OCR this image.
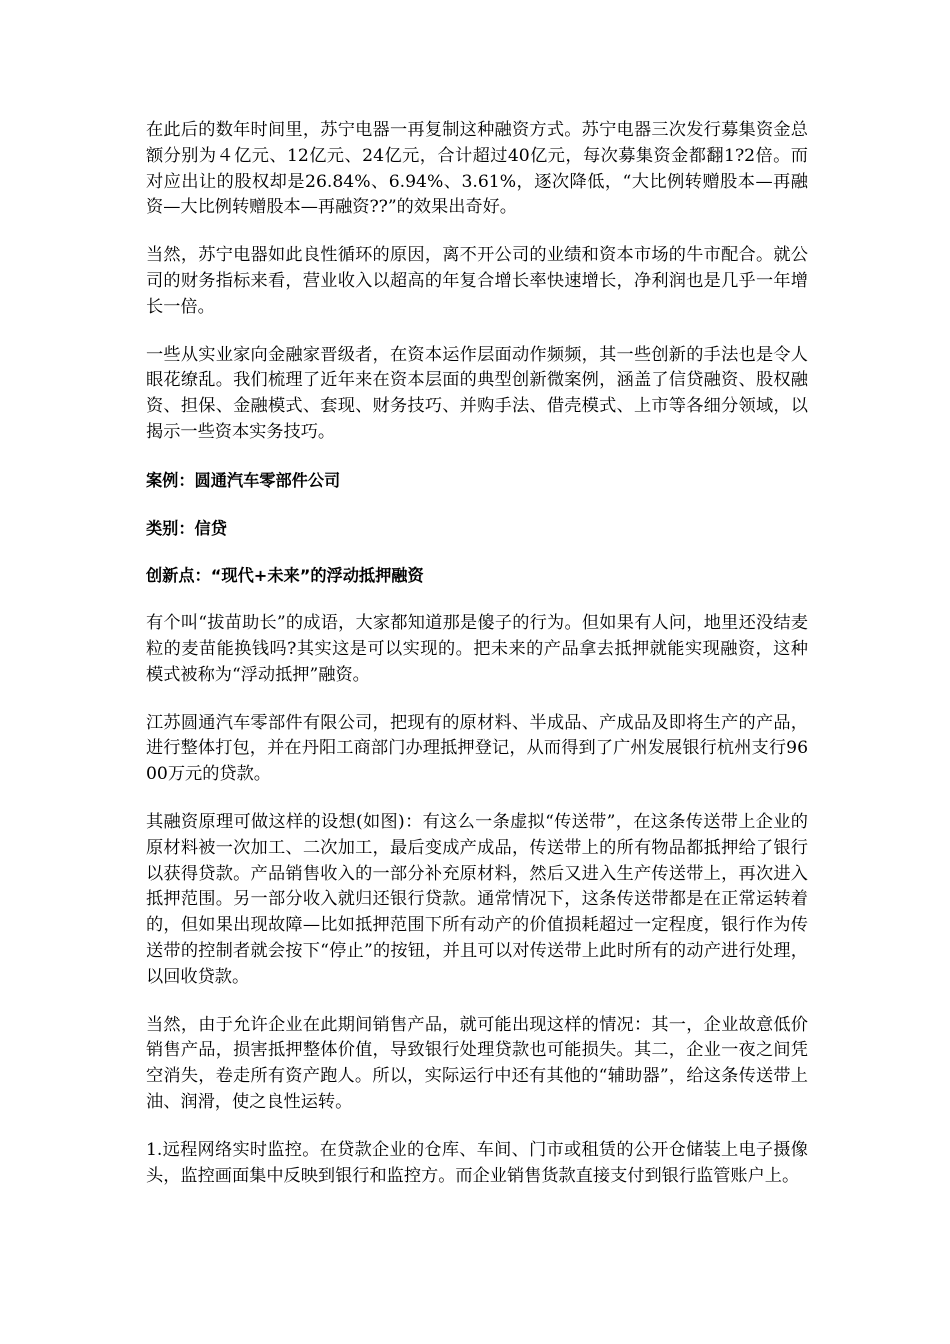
在此后的数年时间里，苏宁电器一再复制这种融资方式。苏宁电器三次发行募集资金总额分别为４亿元、12亿元、24亿元，合计超过40亿元，每次募集资金都翻1?2倍。而对应出让的股权却是26.84%、6.94%、3.61%，逐次降低，“大比例转赠股本—再融资—大比例转赠股本—再融资??”的效果出奇好。

当然，苏宁电器如此良性循环的原因，离不开公司的业绩和资本市场的牛市配合。就公司的财务指标来看，营业收入以超高的年复合增长率快速增长，净利润也是几乎一年增长一倍。

一些从实业家向金融家晋级者，在资本运作层面动作频频，其一些创新的手法也是令人眼花缭乱。我们梳理了近年来在资本层面的典型创新微案例，涵盖了信贷融资、股权融资、担保、金融模式、套现、财务技巧、并购手法、借壳模式、上市等各细分领域，以揭示一些资本实务技巧。

案例：圆通汽车零部件公司

类别：信贷

创新点：“现代+未来”的浮动抵押融资

有个叫“拔苗助长”的成语，大家都知道那是傻子的行为。但如果有人问，地里还没结麦粒的麦苗能换钱吗?其实这是可以实现的。把未来的产品拿去抵押就能实现融资，这种模式被称为“浮动抵押”融资。

江苏圆通汽车零部件有限公司，把现有的原材料、半成品、产成品及即将生产的产品，进行整体打包，并在丹阳工商部门办理抵押登记，从而得到了广州发展银行杭州支行9600万元的贷款。

其融资原理可做这样的设想(如图)：有这么一条虚拟“传送带”，在这条传送带上企业的原材料被一次加工、二次加工，最后变成产成品，传送带上的所有物品都抵押给了银行以获得贷款。产品销售收入的一部分补充原材料，然后又进入生产传送带上，再次进入抵押范围。另一部分收入就归还银行贷款。通常情况下，这条传送带都是在正常运转着的，但如果出现故障—比如抵押范围下所有动产的价值损耗超过一定程度，银行作为传送带的控制者就会按下“停止”的按钮，并且可以对传送带上此时所有的动产进行处理，以回收贷款。

当然，由于允许企业在此期间销售产品，就可能出现这样的情况：其一，企业故意低价销售产品，损害抵押整体价值，导致银行处理贷款也可能损失。其二，企业一夜之间凭空消失，卷走所有资产跑人。所以，实际运行中还有其他的“辅助器”，给这条传送带上油、润滑，使之良性运转。

1.远程网络实时监控。在贷款企业的仓库、车间、门市或租赁的公开仓储装上电子摄像头，监控画面集中反映到银行和监控方。而企业销售货款直接支付到银行监管账户上。
